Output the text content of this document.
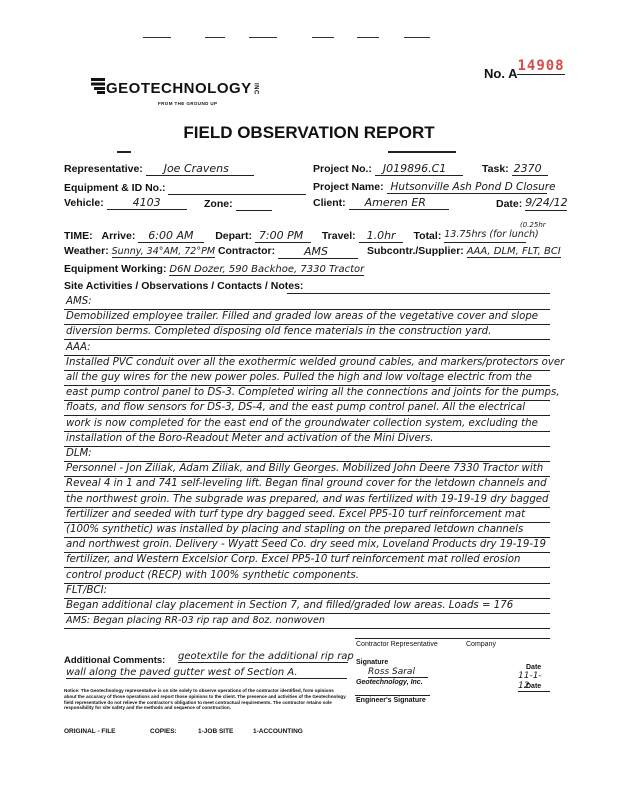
No. A14908
GEOTECHNOLOGYINC
FROM THE GROUND UP
FIELD OBSERVATION REPORT
Representative: Joe Cravens	Project No.: J019896.C1	Task: 2370
Equipment & ID No.:	Project Name: Hutsonville Ash Pond D Closure
Vehicle:	4103	Zone:	Client: Ameren ER	Date: 9/24/12
TIME: Arrive: 6:00 AM Depart: 7:00 PM Travel: 1.0hr Total: 13.75hrs (for lunch)
(0.25hr
Weather: Sunny, 34°AM, 72°PM Contractor:	AMS	Subcontr./Supplier: AAA, DLM, FLT, BCI
Equipment Working: D6N Dozer, 590 Backhoe, 7330 Tractor
Site Activities / Observations / Contacts / Notes:
AMS:
Demobilized employee trailer. Filled and graded low areas of the vegetative cover and slope
diversion berms. Completed disposing old fence materials in the construction yard.
AAA:
Installed PVC conduit over all the exothermic welded ground cables, and markers/protectors over
all the guy wires for the new power poles. Pulled the high and low voltage electric from the
east pump control panel to DS-3. Completed wiring all the connections and joints for the pumps,
floats, and flow sensors for DS-3, DS-4, and the east pump control panel. All the electrical
work is now completed for the east end of the groundwater collection system, excluding the
installation of the Boro-Readout Meter and activation of the Mini Divers.
DLM:
Personnel - Jon Ziliak, Adam Ziliak, and Billy Georges. Mobilized John Deere 7330 Tractor with
Reveal 4 in 1 and 741 self-leveling lift. Began final ground cover for the letdown channels and
the northwest groin. The subgrade was prepared, and was fertilized with 19-19-19 dry bagged
fertilizer and seeded with turf type dry bagged seed. Excel PP5-10 turf reinforcement mat
(100% synthetic) was installed by placing and stapling on the prepared letdown channels
and northwest groin. Delivery - Wyatt Seed Co. dry seed mix, Loveland Products dry 19-19-19
fertilizer, and Western Excelsior Corp. Excel PP5-10 turf reinforcement mat rolled erosion
control product (RECP) with 100% synthetic components.
FLT/BCI:
Began additional clay placement in Section 7, and filled/graded low areas. Loads = 176
AMS: Began placing RR-03 rip rap and 8oz. nonwoven
Additional Comments: geotextile for the additional rip rap
wall along the paved gutter west of Section A.
Contractor Representative	Company
Signature
Ross Saral
Geotechnology, Inc.
Engineer's Signature
Date
11-1-12
Date
Notice: The Geotechnology representative is on site solely to observe operations of the contractor identified, form opinions about the accuracy of those operations and report those opinions to the client. The presence and activities of the Geotechnology field representative do not relieve the contractor's obligation to meet contractual requirements. The contractor retains sole responsibility for site safety and the methods and sequence of construction.
ORIGINAL - FILE	COPIES:	1-JOB SITE	1-ACCOUNTING
